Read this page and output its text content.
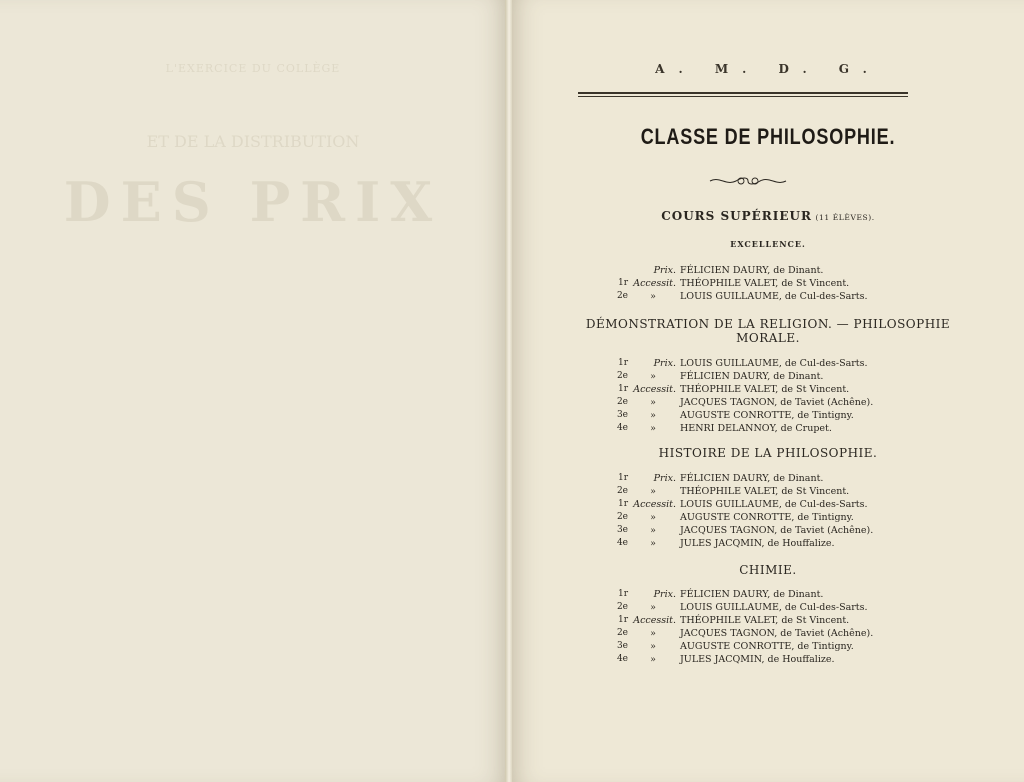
L'EXERCICE DU COLLÈGE
ET DE LA DISTRIBUTION
DES PRIX
A. M. D. G.
CLASSE DE PHILOSOPHIE.
COURS SUPÉRIEUR (11 ÉLÈVES).
EXCELLENCE.
Prix. FÉLICIEN DAURY, de Dinant.
1r Accessit. THÉOPHILE VALET, de St Vincent.
2e	»	LOUIS GUILLAUME, de Cul-des-Sarts.
DÉMONSTRATION DE LA RELIGION. — PHILOSOPHIE
MORALE.
1r	Prix. LOUIS GUILLAUME, de Cul-des-Sarts.
2e	»	FÉLICIEN DAURY, de Dinant.
1r Accessit. THÉOPHILE VALET, de St Vincent.
2e	»	JACQUES TAGNON, de Taviet (Achêne).
3e	»	AUGUSTE CONROTTE, de Tintigny.
4e	»	HENRI DELANNOY, de Crupet.
HISTOIRE DE LA PHILOSOPHIE.
1r	Prix. FÉLICIEN DAURY, de Dinant.
2e	»	THÉOPHILE VALET, de St Vincent.
1r Accessit. LOUIS GUILLAUME, de Cul-des-Sarts.
2e	»	AUGUSTE CONROTTE, de Tintigny.
3e	»	JACQUES TAGNON, de Taviet (Achêne).
4e	»	JULES JACQMIN, de Houffalize.
CHIMIE.
1r	Prix. FÉLICIEN DAURY, de Dinant.
2e	»	LOUIS GUILLAUME, de Cul-des-Sarts.
1r Accessit. THÉOPHILE VALET, de St Vincent.
2e	»	JACQUES TAGNON, de Taviet (Achêne).
3e	»	AUGUSTE CONROTTE, de Tintigny.
4e	»	JULES JACQMIN, de Houffalize.
